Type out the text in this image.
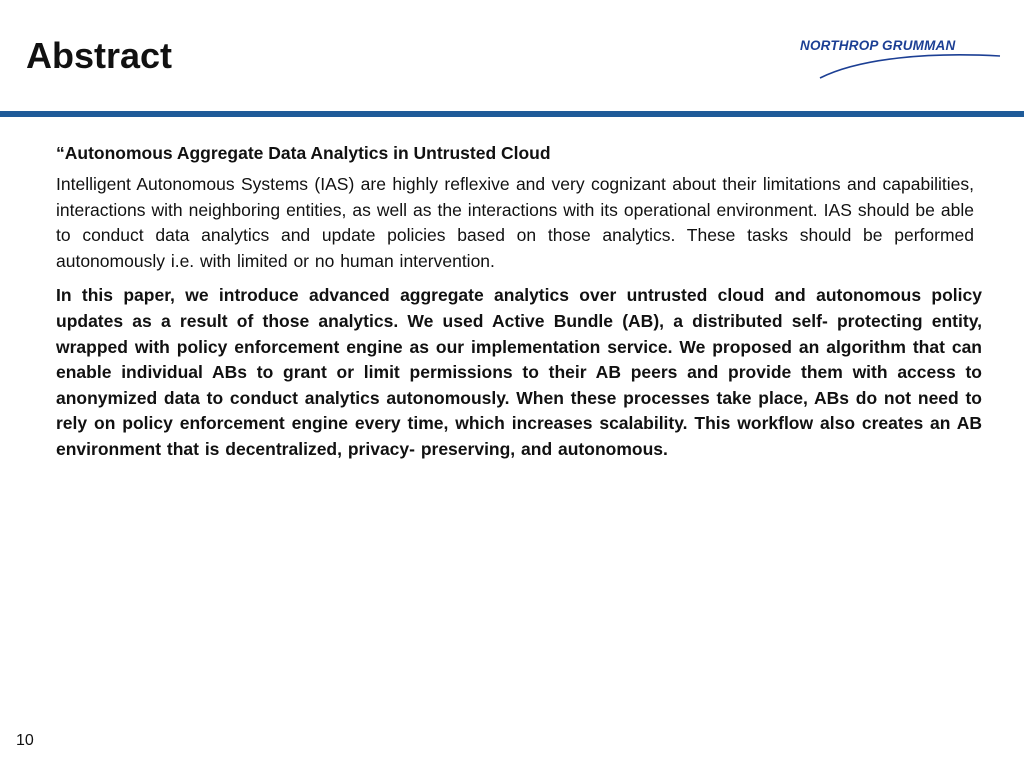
Abstract	NORTHROP GRUMMAN

“Autonomous Aggregate Data Analytics in Untrusted Cloud

Intelligent Autonomous Systems (IAS) are highly reflexive and very cognizant about their limitations and capabilities, interactions with neighboring entities, as well as the interactions with its operational environment. IAS should be able to conduct data analytics and update policies based on those analytics. These tasks should be performed autonomously i.e. with limited or no human intervention.

In this paper, we introduce advanced aggregate analytics over untrusted cloud and autonomous policy updates as a result of those analytics. We used Active Bundle (AB), a distributed self- protecting entity, wrapped with policy enforcement engine as our implementation service. We proposed an algorithm that can enable individual ABs to grant or limit permissions to their AB peers and provide them with access to anonymized data to conduct analytics autonomously. When these processes take place, ABs do not need to rely on policy enforcement engine every time, which increases scalability. This workflow also creates an AB environment that is decentralized, privacy- preserving, and autonomous.

10
